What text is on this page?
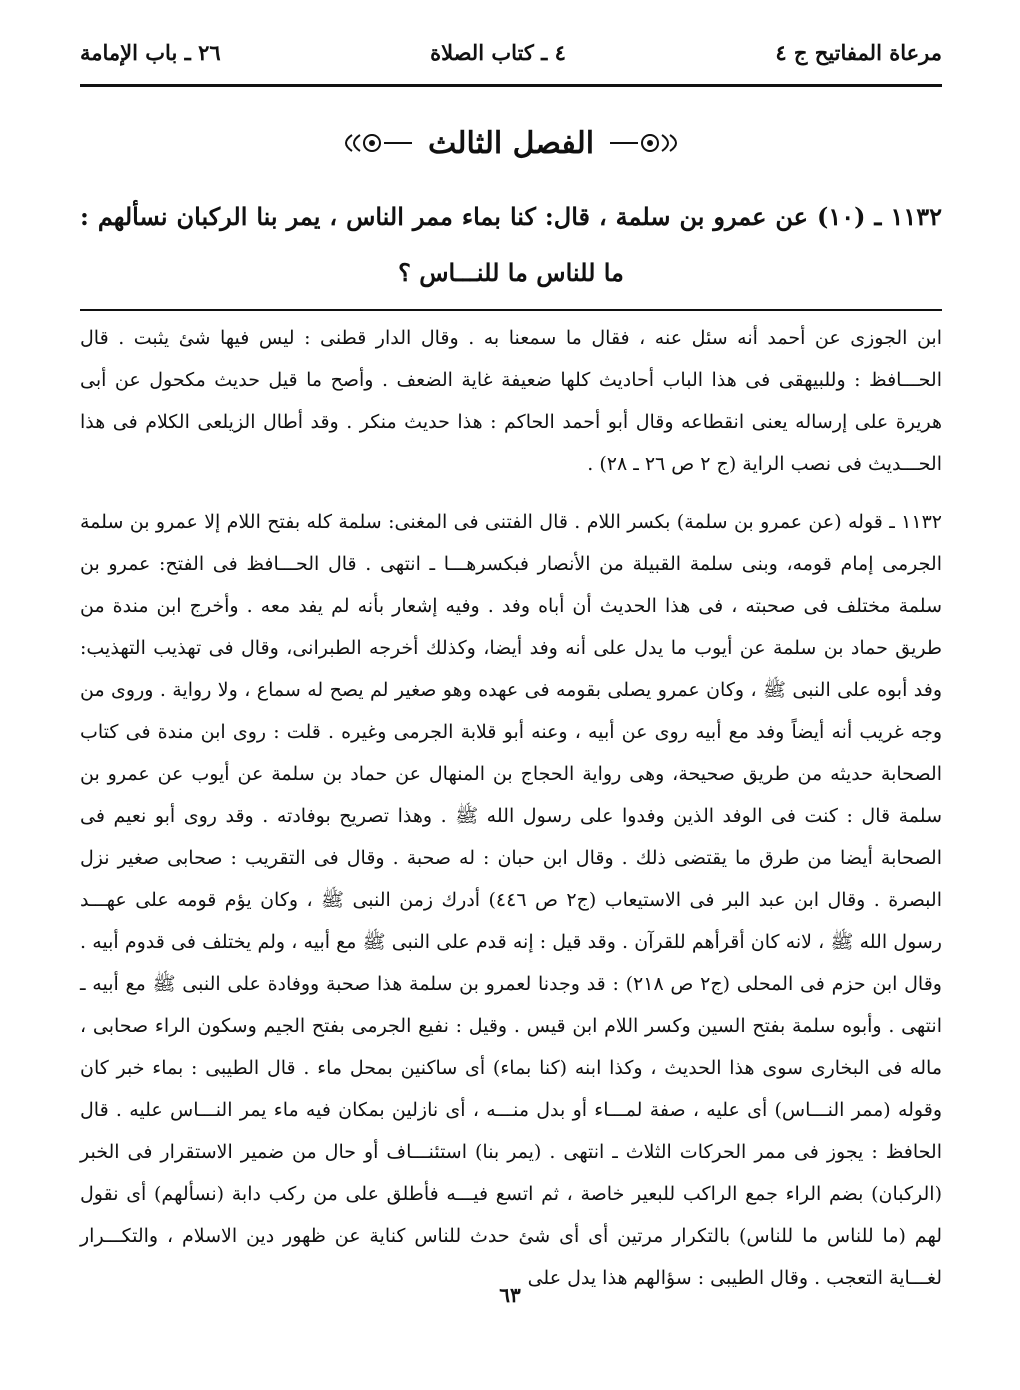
مرعاة المفاتيح ج ٤
٤ ـ كتاب الصلاة
٢٦ ـ باب الإمامة
الفصل الثالث
١١٣٢ ـ (١٠) عن عمرو بن سلمة ، قال: كنا بماء ممر الناس ، يمر بنا الركبان نسألهم : ما للناس ما للنـــاس ؟

ابن الجوزى عن أحمد أنه سئل عنه ، فقال ما سمعنا به . وقال الدار قطنى : ليس فيها شئ يثبت . قال الحـــافظ : وللبيهقى فى هذا الباب أحاديث كلها ضعيفة غاية الضعف . وأصح ما قيل حديث مكحول عن أبى هريرة على إرساله يعنى انقطاعه وقال أبو أحمد الحاكم : هذا حديث منكر . وقد أطال الزيلعى الكلام فى هذا الحـــديث فى نصب الراية (ج ٢ ص ٢٦ ـ ٢٨) .

١١٣٢ ـ قوله (عن عمرو بن سلمة) بكسر اللام . قال الفتنى فى المغنى: سلمة كله بفتح اللام إلا عمرو بن سلمة الجرمى إمام قومه، وبنى سلمة القبيلة من الأنصار فبكسرهـــا ـ انتهى . قال الحـــافظ فى الفتح: عمرو بن سلمة مختلف فى صحبته ، فى هذا الحديث أن أباه وفد . وفيه إشعار بأنه لم يفد معه . وأخرج ابن مندة من طريق حماد بن سلمة عن أيوب ما يدل على أنه وفد أيضا، وكذلك أخرجه الطبرانى، وقال فى تهذيب التهذيب: وفد أبوه على النبى ﷺ ، وكان عمرو يصلى بقومه فى عهده وهو صغير لم يصح له سماع ، ولا رواية . وروى من وجه غريب أنه أيضاً وفد مع أبيه روى عن أبيه ، وعنه أبو قلابة الجرمى وغيره . قلت : روى ابن مندة فى كتاب الصحابة حديثه من طريق صحيحة، وهى رواية الحجاج بن المنهال عن حماد بن سلمة عن أيوب عن عمرو بن سلمة قال : كنت فى الوفد الذين وفدوا على رسول الله ﷺ . وهذا تصريح بوفادته . وقد روى أبو نعيم فى الصحابة أيضا من طرق ما يقتضى ذلك . وقال ابن حبان : له صحبة . وقال فى التقريب : صحابى صغير نزل البصرة . وقال ابن عبد البر فى الاستيعاب (ج٢ ص ٤٤٦) أدرك زمن النبى ﷺ ، وكان يؤم قومه على عهـــد رسول الله ﷺ ، لانه كان أقرأهم للقرآن . وقد قيل : إنه قدم على النبى ﷺ مع أبيه ، ولم يختلف فى قدوم أبيه . وقال ابن حزم فى المحلى (ج٢ ص ٢١٨) : قد وجدنا لعمرو بن سلمة هذا صحبة ووفادة على النبى ﷺ مع أبيه ـ انتهى . وأبوه سلمة بفتح السين وكسر اللام ابن قيس . وقيل : نفيع الجرمى بفتح الجيم وسكون الراء صحابى ، ماله فى البخارى سوى هذا الحديث ، وكذا ابنه (كنا بماء) أى ساكنين بمحل ماء . قال الطيبى : بماء خبر كان وقوله (ممر النـــاس) أى عليه ، صفة لمـــاء أو بدل منـــه ، أى نازلين بمكان فيه ماء يمر النـــاس عليه . قال الحافظ : يجوز فى ممر الحركات الثلاث ـ انتهى . (يمر بنا) استئنـــاف أو حال من ضمير الاستقرار فى الخبر (الركبان) بضم الراء جمع الراكب للبعير خاصة ، ثم اتسع فيـــه فأطلق على من ركب دابة (نسألهم) أى نقول لهم (ما للناس ما للناس) بالتكرار مرتين أى أى شئ حدث للناس كناية عن ظهور دين الاسلام ، والتكـــرار لغـــاية التعجب . وقال الطيبى : سؤالهم هذا يدل على

٦٣
